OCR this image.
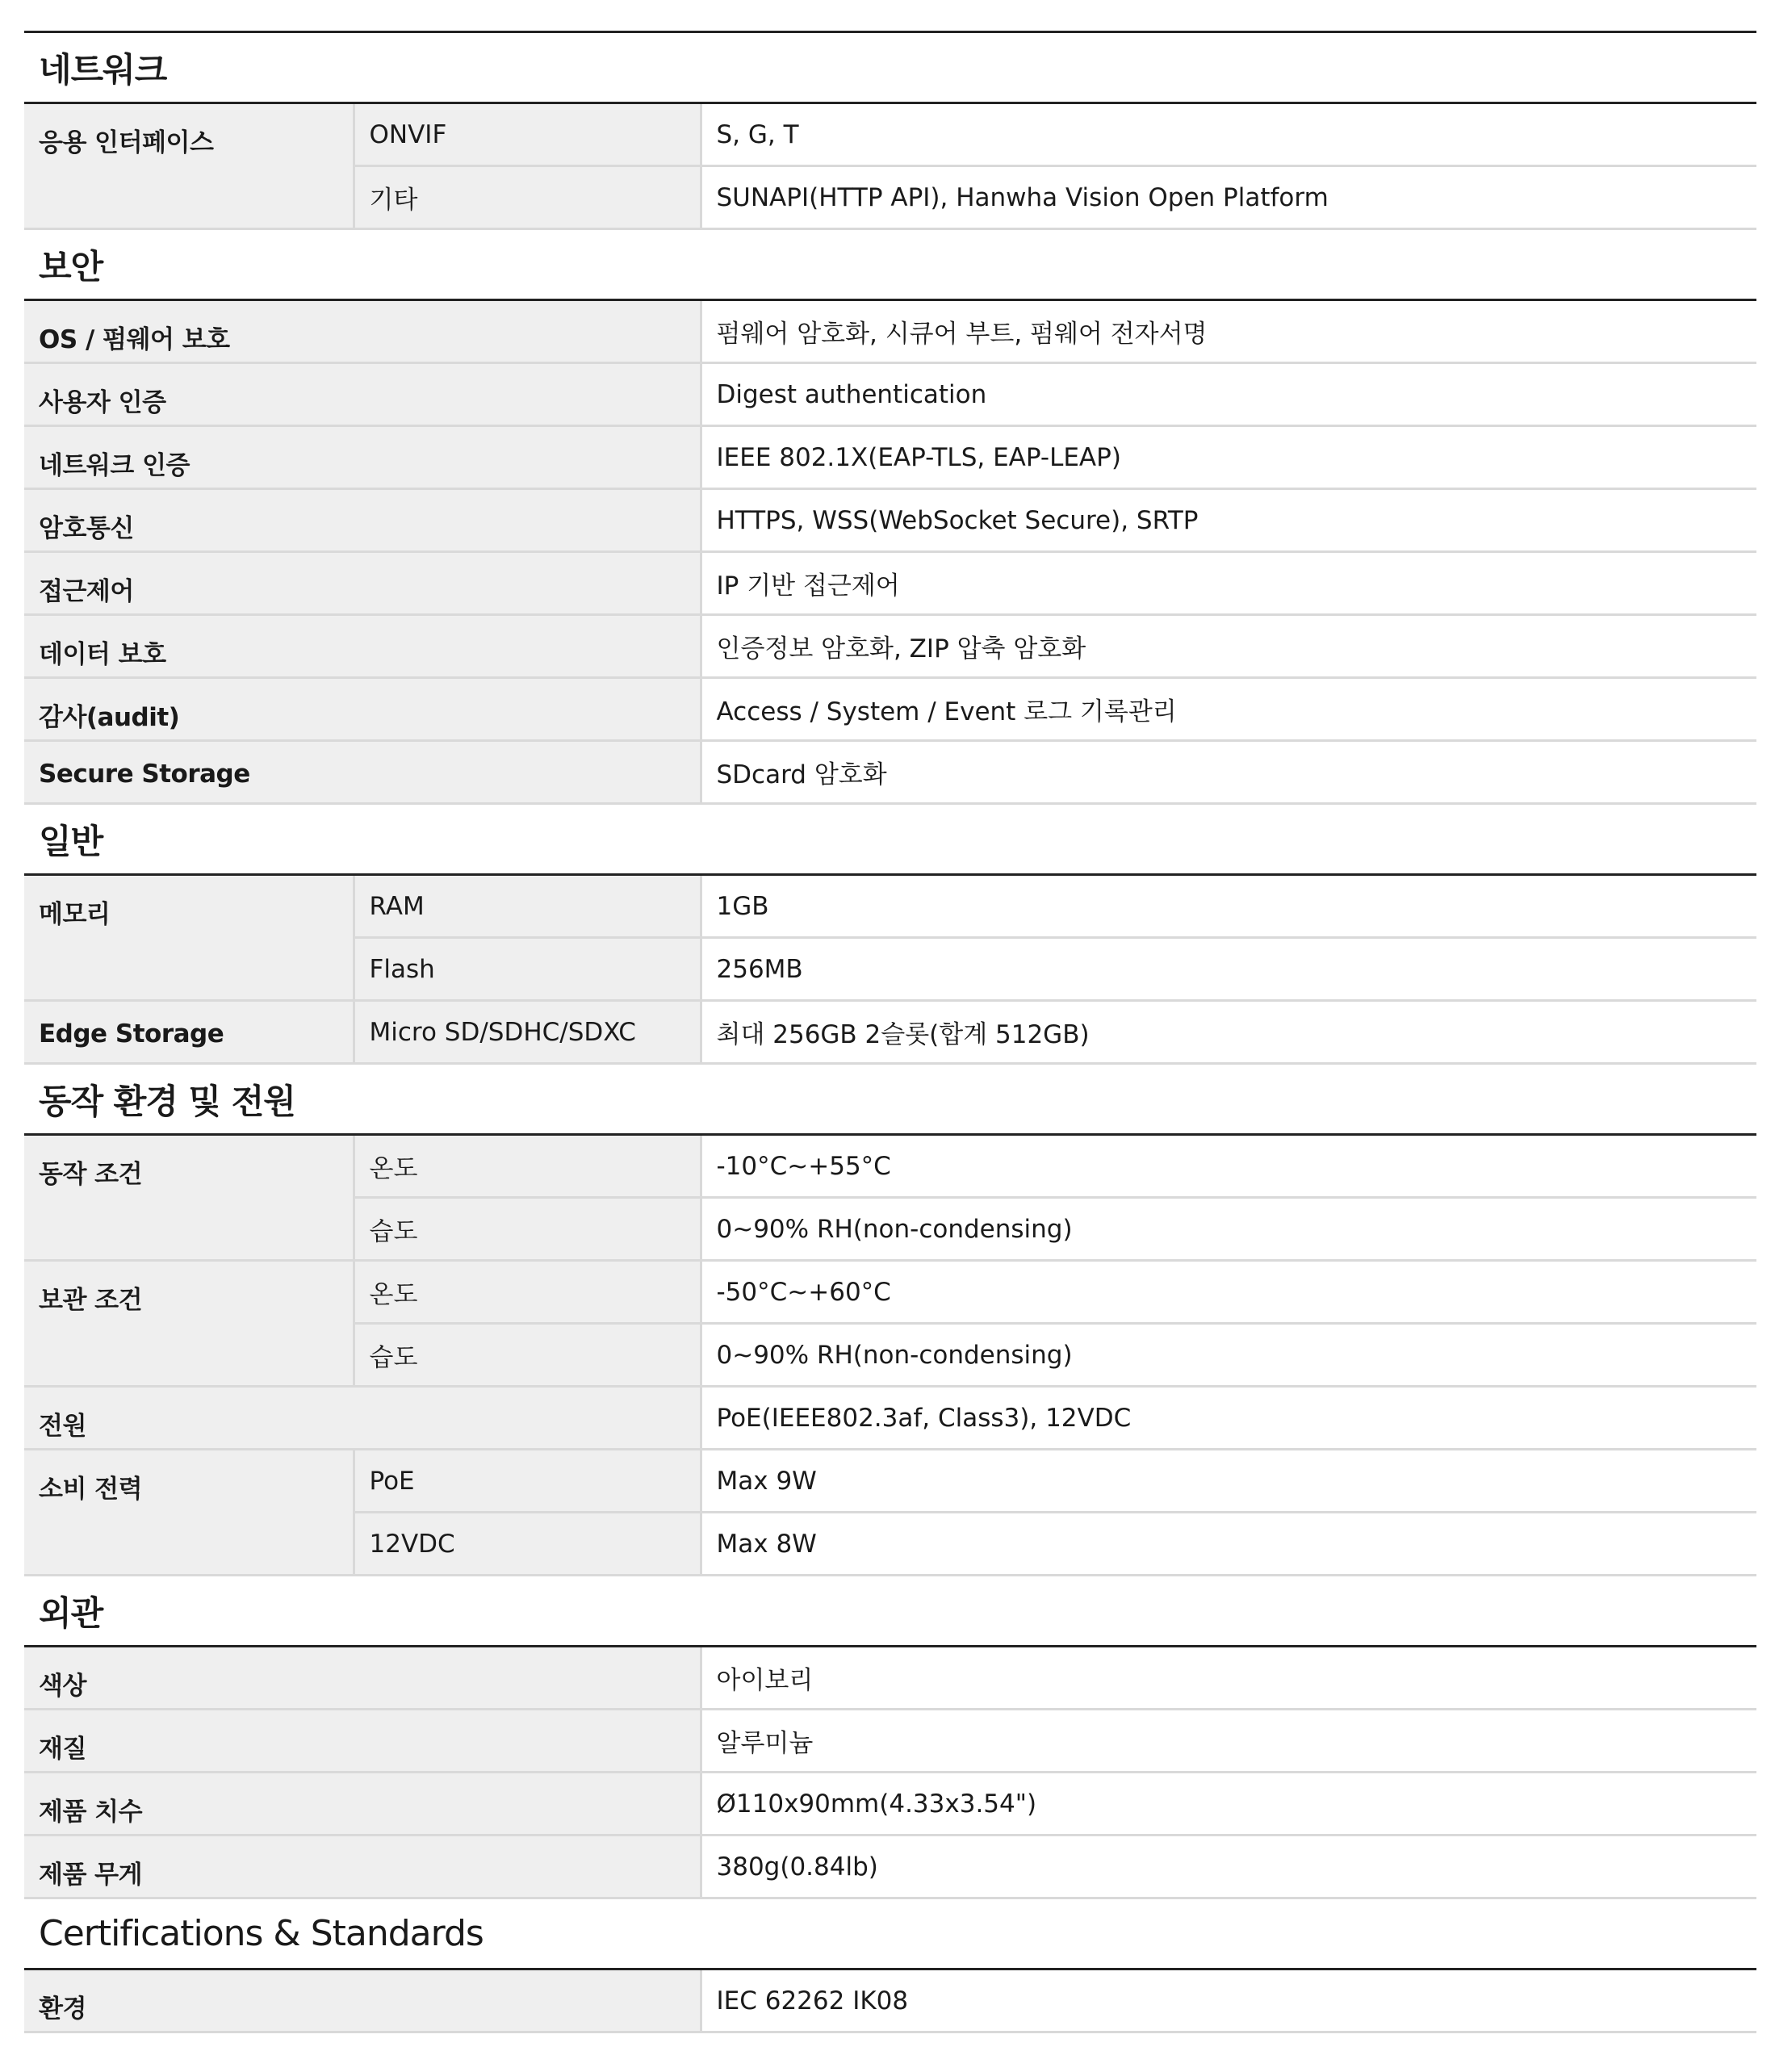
네트워크		
응용 인터페이스	ONVIF	S, G, T
	기타	SUNAPI(HTTP API), Hanwha Vision Open Platform
보안		
OS / 펌웨어 보호		펌웨어 암호화, 시큐어 부트, 펌웨어 전자서명
사용자 인증		Digest authentication
네트워크 인증		IEEE 802.1X(EAP-TLS, EAP-LEAP)
암호통신		HTTPS, WSS(WebSocket Secure), SRTP
접근제어		IP 기반 접근제어
데이터 보호		인증정보 암호화, ZIP 압축 암호화
감사(audit)		Access / System / Event 로그 기록관리
Secure Storage		SDcard 암호화
일반		
메모리	RAM	1GB
	Flash	256MB
Edge Storage	Micro SD/SDHC/SDXC	최대 256GB 2슬롯(합계 512GB)
동작 환경 및 전원		
동작 조건	온도	-10°C~+55°C
	습도	0~90% RH(non-condensing)
보관 조건	온도	-50°C~+60°C
	습도	0~90% RH(non-condensing)
전원		PoE(IEEE802.3af, Class3), 12VDC
소비 전력	PoE	Max 9W
	12VDC	Max 8W
외관		
색상		아이보리
재질		알루미늄
제품 치수		Ø110x90mm(4.33x3.54")
제품 무게		380g(0.84lb)
Certifications & Standards		
환경		IEC 62262 IK08
